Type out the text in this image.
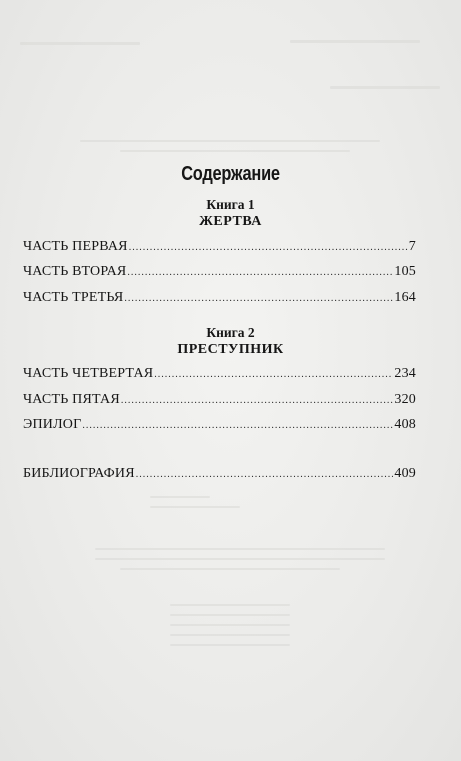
Содержание
Книга 1
ЖЕРТВА
ЧАСТЬ ПЕРВАЯ .....	7
ЧАСТЬ ВТОРАЯ .....	105
ЧАСТЬ ТРЕТЬЯ .....	164
Книга 2
ПРЕСТУПНИК
ЧАСТЬ ЧЕТВЕРТАЯ .....	234
ЧАСТЬ ПЯТАЯ .....	320
ЭПИЛОГ .....	408
БИБЛИОГРАФИЯ .....	409
